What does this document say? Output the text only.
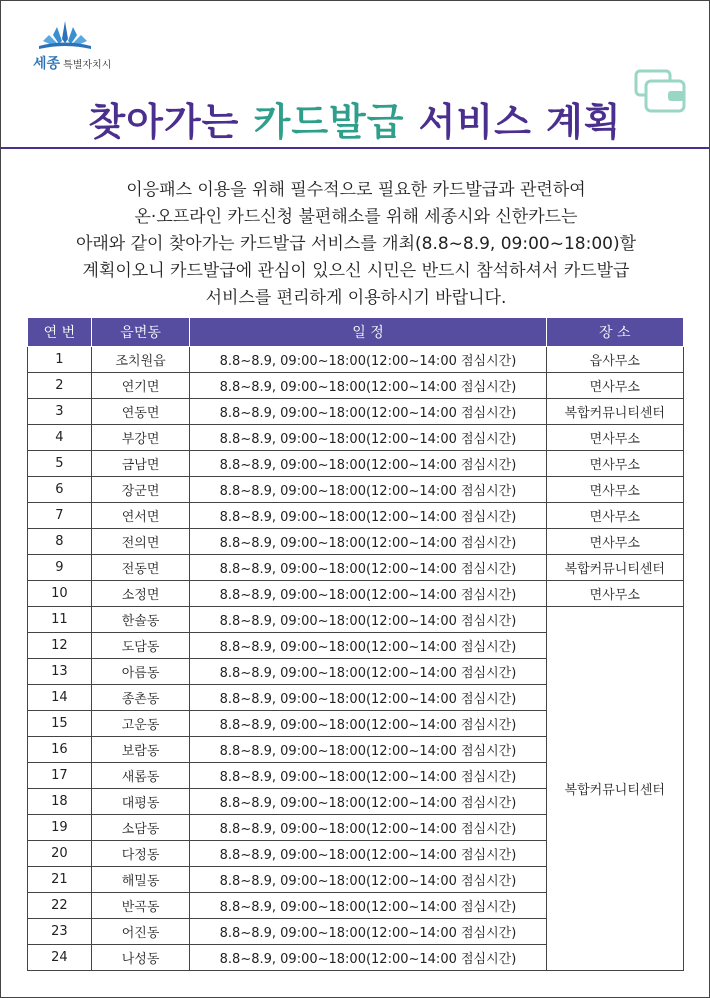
세종 특별자치시
찾아가는 카드발급 서비스 계획

이응패스 이용을 위해 필수적으로 필요한 카드발급과 관련하여

온·오프라인 카드신청 불편해소를 위해 세종시와 신한카드는

아래와 같이 찾아가는 카드발급 서비스를 개최(8.8~8.9, 09:00~18:00)할

계획이오니 카드발급에 관심이 있으신 시민은 반드시 참석하셔서 카드발급

서비스를 편리하게 이용하시기 바랍니다.

연 번	읍면동	일 정	장 소
1	조치원읍	8.8~8.9, 09:00~18:00(12:00~14:00 점심시간)	읍사무소
2	연기면	8.8~8.9, 09:00~18:00(12:00~14:00 점심시간)	면사무소
3	연동면	8.8~8.9, 09:00~18:00(12:00~14:00 점심시간)	복합커뮤니티센터
4	부강면	8.8~8.9, 09:00~18:00(12:00~14:00 점심시간)	면사무소
5	금남면	8.8~8.9, 09:00~18:00(12:00~14:00 점심시간)	면사무소
6	장군면	8.8~8.9, 09:00~18:00(12:00~14:00 점심시간)	면사무소
7	연서면	8.8~8.9, 09:00~18:00(12:00~14:00 점심시간)	면사무소
8	전의면	8.8~8.9, 09:00~18:00(12:00~14:00 점심시간)	면사무소
9	전동면	8.8~8.9, 09:00~18:00(12:00~14:00 점심시간)	복합커뮤니티센터
10	소정면	8.8~8.9, 09:00~18:00(12:00~14:00 점심시간)	면사무소
11	한솔동	8.8~8.9, 09:00~18:00(12:00~14:00 점심시간)	복합커뮤니티센터
12	도담동	8.8~8.9, 09:00~18:00(12:00~14:00 점심시간)	
13	아름동	8.8~8.9, 09:00~18:00(12:00~14:00 점심시간)	
14	종촌동	8.8~8.9, 09:00~18:00(12:00~14:00 점심시간)	
15	고운동	8.8~8.9, 09:00~18:00(12:00~14:00 점심시간)	
16	보람동	8.8~8.9, 09:00~18:00(12:00~14:00 점심시간)	
17	새롬동	8.8~8.9, 09:00~18:00(12:00~14:00 점심시간)	
18	대평동	8.8~8.9, 09:00~18:00(12:00~14:00 점심시간)	
19	소담동	8.8~8.9, 09:00~18:00(12:00~14:00 점심시간)	
20	다정동	8.8~8.9, 09:00~18:00(12:00~14:00 점심시간)	
21	해밀동	8.8~8.9, 09:00~18:00(12:00~14:00 점심시간)	
22	반곡동	8.8~8.9, 09:00~18:00(12:00~14:00 점심시간)	
23	어진동	8.8~8.9, 09:00~18:00(12:00~14:00 점심시간)	
24	나성동	8.8~8.9, 09:00~18:00(12:00~14:00 점심시간)	
